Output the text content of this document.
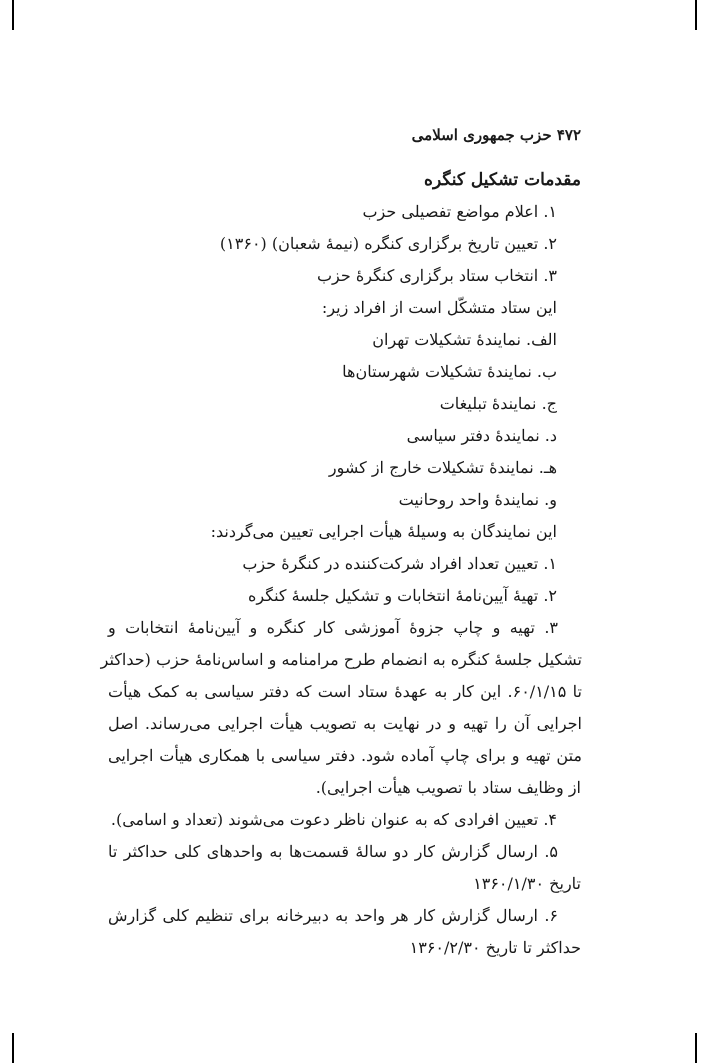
۴۷۲ حزب جمهوری اسلامی
مقدمات تشکیل کنگره
۱. اعلام مواضع تفصیلی حزب
۲. تعیین تاریخ برگزاری کنگره (نیمهٔ شعبان) (۱۳۶۰)
۳. انتخاب ستاد برگزاری کنگرهٔ حزب
این ستاد متشکّل است از افراد زیر:
الف. نمایندهٔ تشکیلات تهران
ب. نمایندهٔ تشکیلات شهرستان‌ها
ج. نمایندهٔ تبلیغات
د. نمایندهٔ دفتر سیاسی
هـ. نمایندهٔ تشکیلات خارج از کشور
و. نمایندهٔ واحد روحانیت
این نمایندگان به وسیلهٔ هیأت اجرایی تعیین می‌گردند:
۱. تعیین تعداد افراد شرکت‌کننده در کنگرهٔ حزب
۲. تهیهٔ آیین‌نامهٔ انتخابات و تشکیل جلسهٔ کنگره
۳. تهیه و چاپ جزوهٔ آموزشی کار کنگره و آیین‌نامهٔ انتخابات و
تشکیل جلسهٔ کنگره به انضمام طرح مرامنامه و اساس‌نامهٔ حزب (حداکثر
تا ۶۰/۱/۱۵. این کار به عهدهٔ ستاد است که دفتر سیاسی به کمک هیأت
اجرایی آن را تهیه و در نهایت به تصویب هیأت اجرایی می‌رساند. اصل
متن تهیه و برای چاپ آماده شود. دفتر سیاسی با همکاری هیأت اجرایی
از وظایف ستاد با تصویب هیأت اجرایی).
۴. تعیین افرادی که به عنوان ناظر دعوت می‌شوند (تعداد و اسامی).
۵. ارسال گزارش کار دو سالهٔ قسمت‌ها به واحدهای کلی حداکثر تا
تاریخ ۱۳۶۰/۱/۳۰
۶. ارسال گزارش کار هر واحد به دبیرخانه برای تنظیم کلی گزارش
حداکثر تا تاریخ ۱۳۶۰/۲/۳۰
